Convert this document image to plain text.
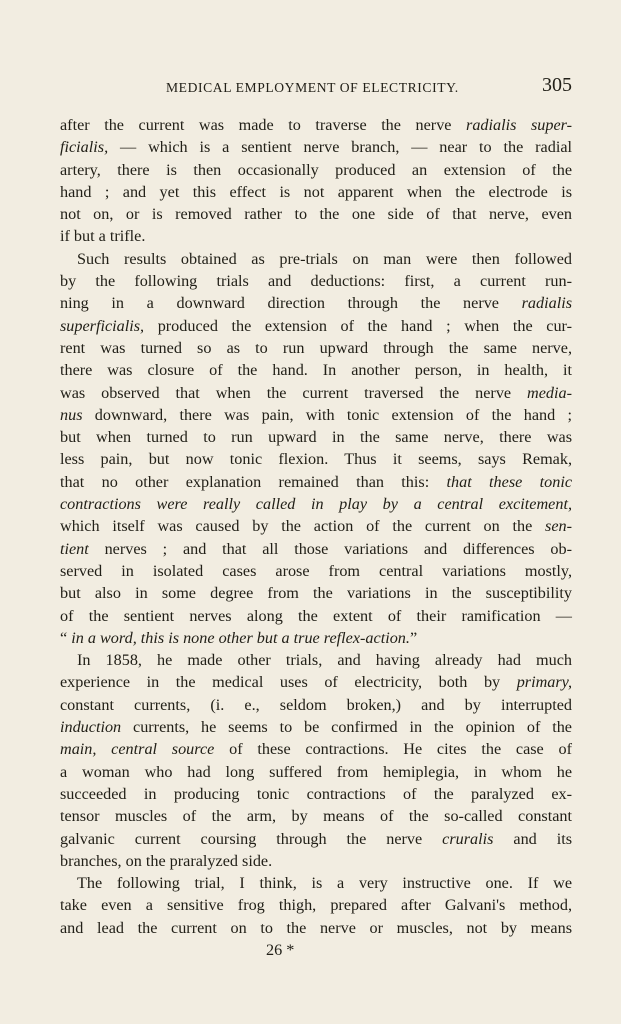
MEDICAL EMPLOYMENT OF ELECTRICITY.	305
after the current was made to traverse the nerve radialis super-
ficialis, — which is a sentient nerve branch, — near to the radial
artery, there is then occasionally produced an extension of the
hand ; and yet this effect is not apparent when the electrode is
not on, or is removed rather to the one side of that nerve, even
if but a trifle.
Such results obtained as pre-trials on man were then followed
by the following trials and deductions: first, a current run-
ning in a downward direction through the nerve radialis
superficialis, produced the extension of the hand ; when the cur-
rent was turned so as to run upward through the same nerve,
there was closure of the hand. In another person, in health, it
was observed that when the current traversed the nerve media-
nus downward, there was pain, with tonic extension of the hand ;
but when turned to run upward in the same nerve, there was
less pain, but now tonic flexion. Thus it seems, says Remak,
that no other explanation remained than this: that these tonic
contractions were really called in play by a central excitement,
which itself was caused by the action of the current on the sen-
tient nerves ; and that all those variations and differences ob-
served in isolated cases arose from central variations mostly,
but also in some degree from the variations in the susceptibility
of the sentient nerves along the extent of their ramification —
“ in a word, this is none other but a true reflex-action.”
In 1858, he made other trials, and having already had much
experience in the medical uses of electricity, both by primary,
constant currents, (i. e., seldom broken,) and by interrupted
induction currents, he seems to be confirmed in the opinion of the
main, central source of these contractions. He cites the case of
a woman who had long suffered from hemiplegia, in whom he
succeeded in producing tonic contractions of the paralyzed ex-
tensor muscles of the arm, by means of the so-called constant
galvanic current coursing through the nerve cruralis and its
branches, on the praralyzed side.
The following trial, I think, is a very instructive one. If we
take even a sensitive frog thigh, prepared after Galvani's method,
and lead the current on to the nerve or muscles, not by means
26 *
